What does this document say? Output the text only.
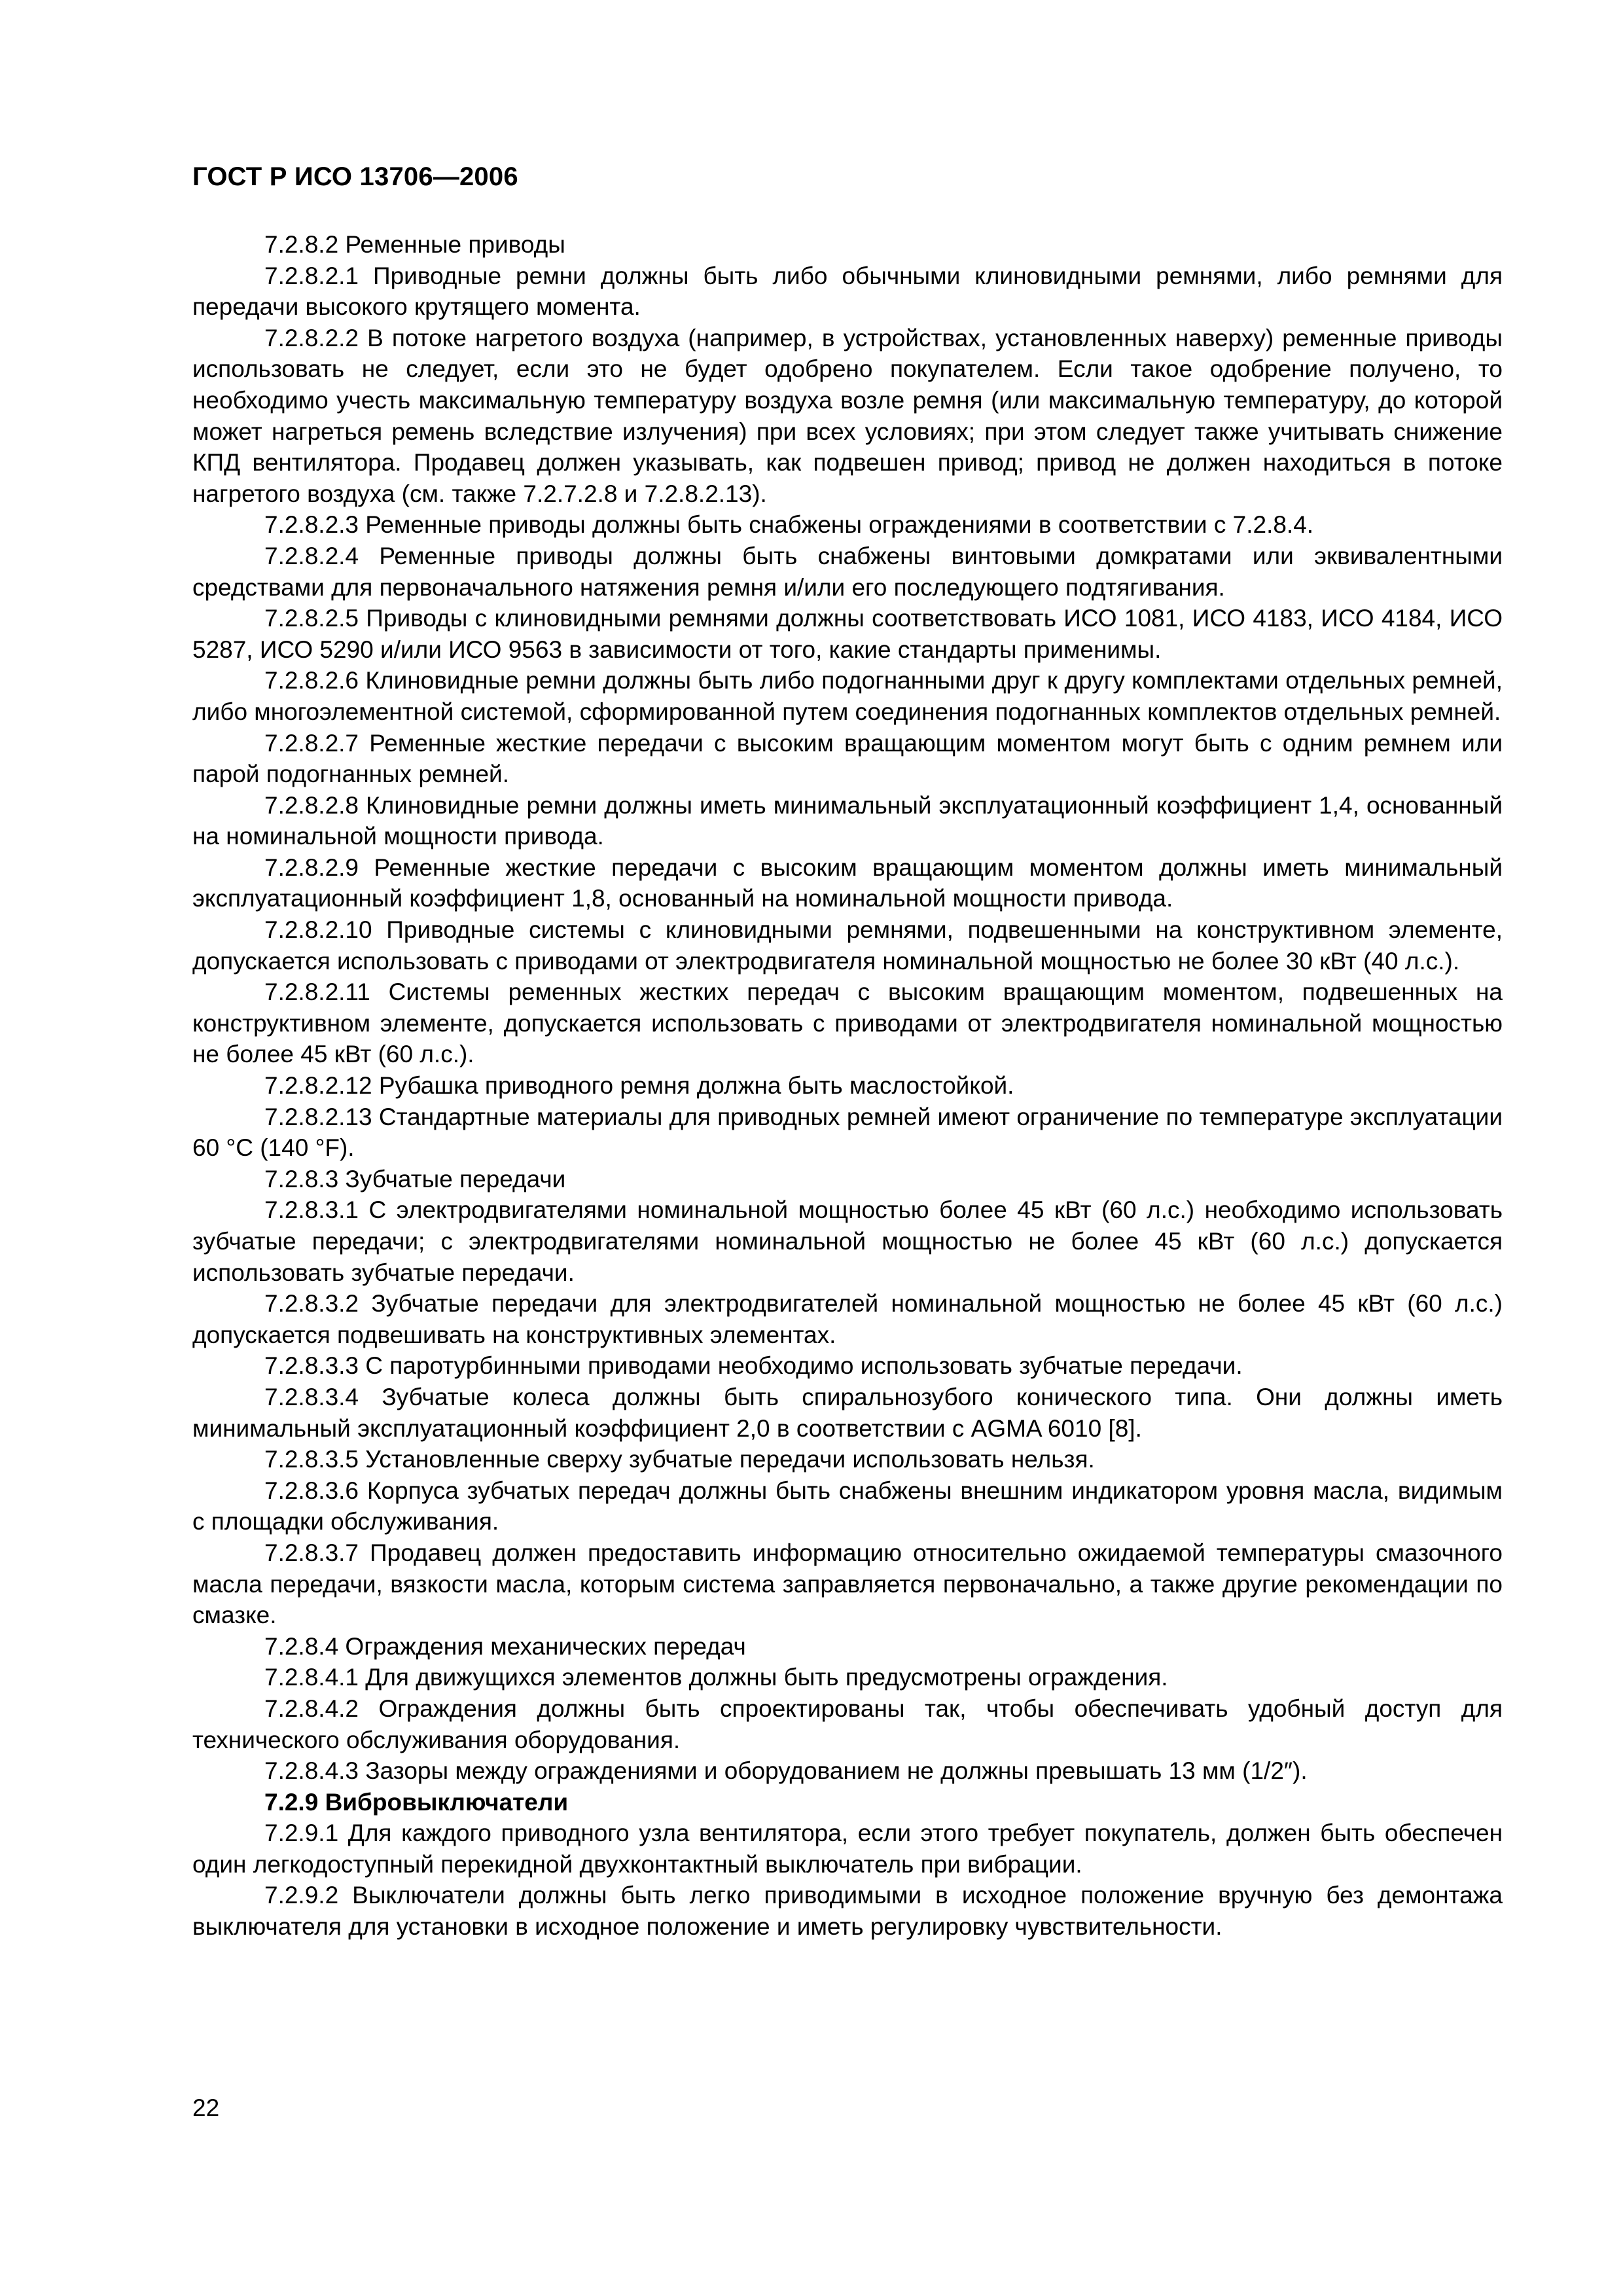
ГОСТ Р ИСО 13706—2006

7.2.8.2 Ременные приводы

7.2.8.2.1 Приводные ремни должны быть либо обычными клиновидными ремнями, либо ремнями для передачи высокого крутящего момента.

7.2.8.2.2 В потоке нагретого воздуха (например, в устройствах, установленных наверху) ременные приводы использовать не следует, если это не будет одобрено покупателем. Если такое одобрение получено, то необходимо учесть максимальную температуру воздуха возле ремня (или максимальную температуру, до которой может нагреться ремень вследствие излучения) при всех условиях; при этом следует также учитывать снижение КПД вентилятора. Продавец должен указывать, как подвешен привод; привод не должен находиться в потоке нагретого воздуха (см. также 7.2.7.2.8 и 7.2.8.2.13).

7.2.8.2.3 Ременные приводы должны быть снабжены ограждениями в соответствии с 7.2.8.4.

7.2.8.2.4 Ременные приводы должны быть снабжены винтовыми домкратами или эквивалентными средствами для первоначального натяжения ремня и/или его последующего подтягивания.

7.2.8.2.5 Приводы с клиновидными ремнями должны соответствовать ИСО 1081, ИСО 4183, ИСО 4184, ИСО 5287, ИСО 5290 и/или ИСО 9563 в зависимости от того, какие стандарты применимы.

7.2.8.2.6 Клиновидные ремни должны быть либо подогнанными друг к другу комплектами отдельных ремней, либо многоэлементной системой, сформированной путем соединения подогнанных комплектов отдельных ремней.

7.2.8.2.7 Ременные жесткие передачи с высоким вращающим моментом могут быть с одним ремнем или парой подогнанных ремней.

7.2.8.2.8 Клиновидные ремни должны иметь минимальный эксплуатационный коэффициент 1,4, основанный на номинальной мощности привода.

7.2.8.2.9 Ременные жесткие передачи с высоким вращающим моментом должны иметь минимальный эксплуатационный коэффициент 1,8, основанный на номинальной мощности привода.

7.2.8.2.10 Приводные системы с клиновидными ремнями, подвешенными на конструктивном элементе, допускается использовать с приводами от электродвигателя номинальной мощностью не более 30 кВт (40 л.с.).

7.2.8.2.11 Системы ременных жестких передач с высоким вращающим моментом, подвешенных на конструктивном элементе, допускается использовать с приводами от электродвигателя номинальной мощностью не более 45 кВт (60 л.с.).

7.2.8.2.12 Рубашка приводного ремня должна быть маслостойкой.

7.2.8.2.13 Стандартные материалы для приводных ремней имеют ограничение по температуре эксплуатации 60 °С (140 °F).

7.2.8.3 Зубчатые передачи

7.2.8.3.1 С электродвигателями номинальной мощностью более 45 кВт (60 л.с.) необходимо использовать зубчатые передачи; с электродвигателями номинальной мощностью не более 45 кВт (60 л.с.) допускается использовать зубчатые передачи.

7.2.8.3.2 Зубчатые передачи для электродвигателей номинальной мощностью не более 45 кВт (60 л.с.) допускается подвешивать на конструктивных элементах.

7.2.8.3.3 С паротурбинными приводами необходимо использовать зубчатые передачи.

7.2.8.3.4 Зубчатые колеса должны быть спиральнозубого конического типа. Они должны иметь минимальный эксплуатационный коэффициент 2,0 в соответствии с AGMA 6010 [8].

7.2.8.3.5 Установленные сверху зубчатые передачи использовать нельзя.

7.2.8.3.6 Корпуса зубчатых передач должны быть снабжены внешним индикатором уровня масла, видимым с площадки обслуживания.

7.2.8.3.7 Продавец должен предоставить информацию относительно ожидаемой температуры смазочного масла передачи, вязкости масла, которым система заправляется первоначально, а также другие рекомендации по смазке.

7.2.8.4 Ограждения механических передач

7.2.8.4.1 Для движущихся элементов должны быть предусмотрены ограждения.

7.2.8.4.2 Ограждения должны быть спроектированы так, чтобы обеспечивать удобный доступ для технического обслуживания оборудования.

7.2.8.4.3 Зазоры между ограждениями и оборудованием не должны превышать 13 мм (1/2″).

7.2.9 Вибровыключатели

7.2.9.1 Для каждого приводного узла вентилятора, если этого требует покупатель, должен быть обеспечен один легкодоступный перекидной двухконтактный выключатель при вибрации.

7.2.9.2 Выключатели должны быть легко приводимыми в исходное положение вручную без демонтажа выключателя для установки в исходное положение и иметь регулировку чувствительности.

22
